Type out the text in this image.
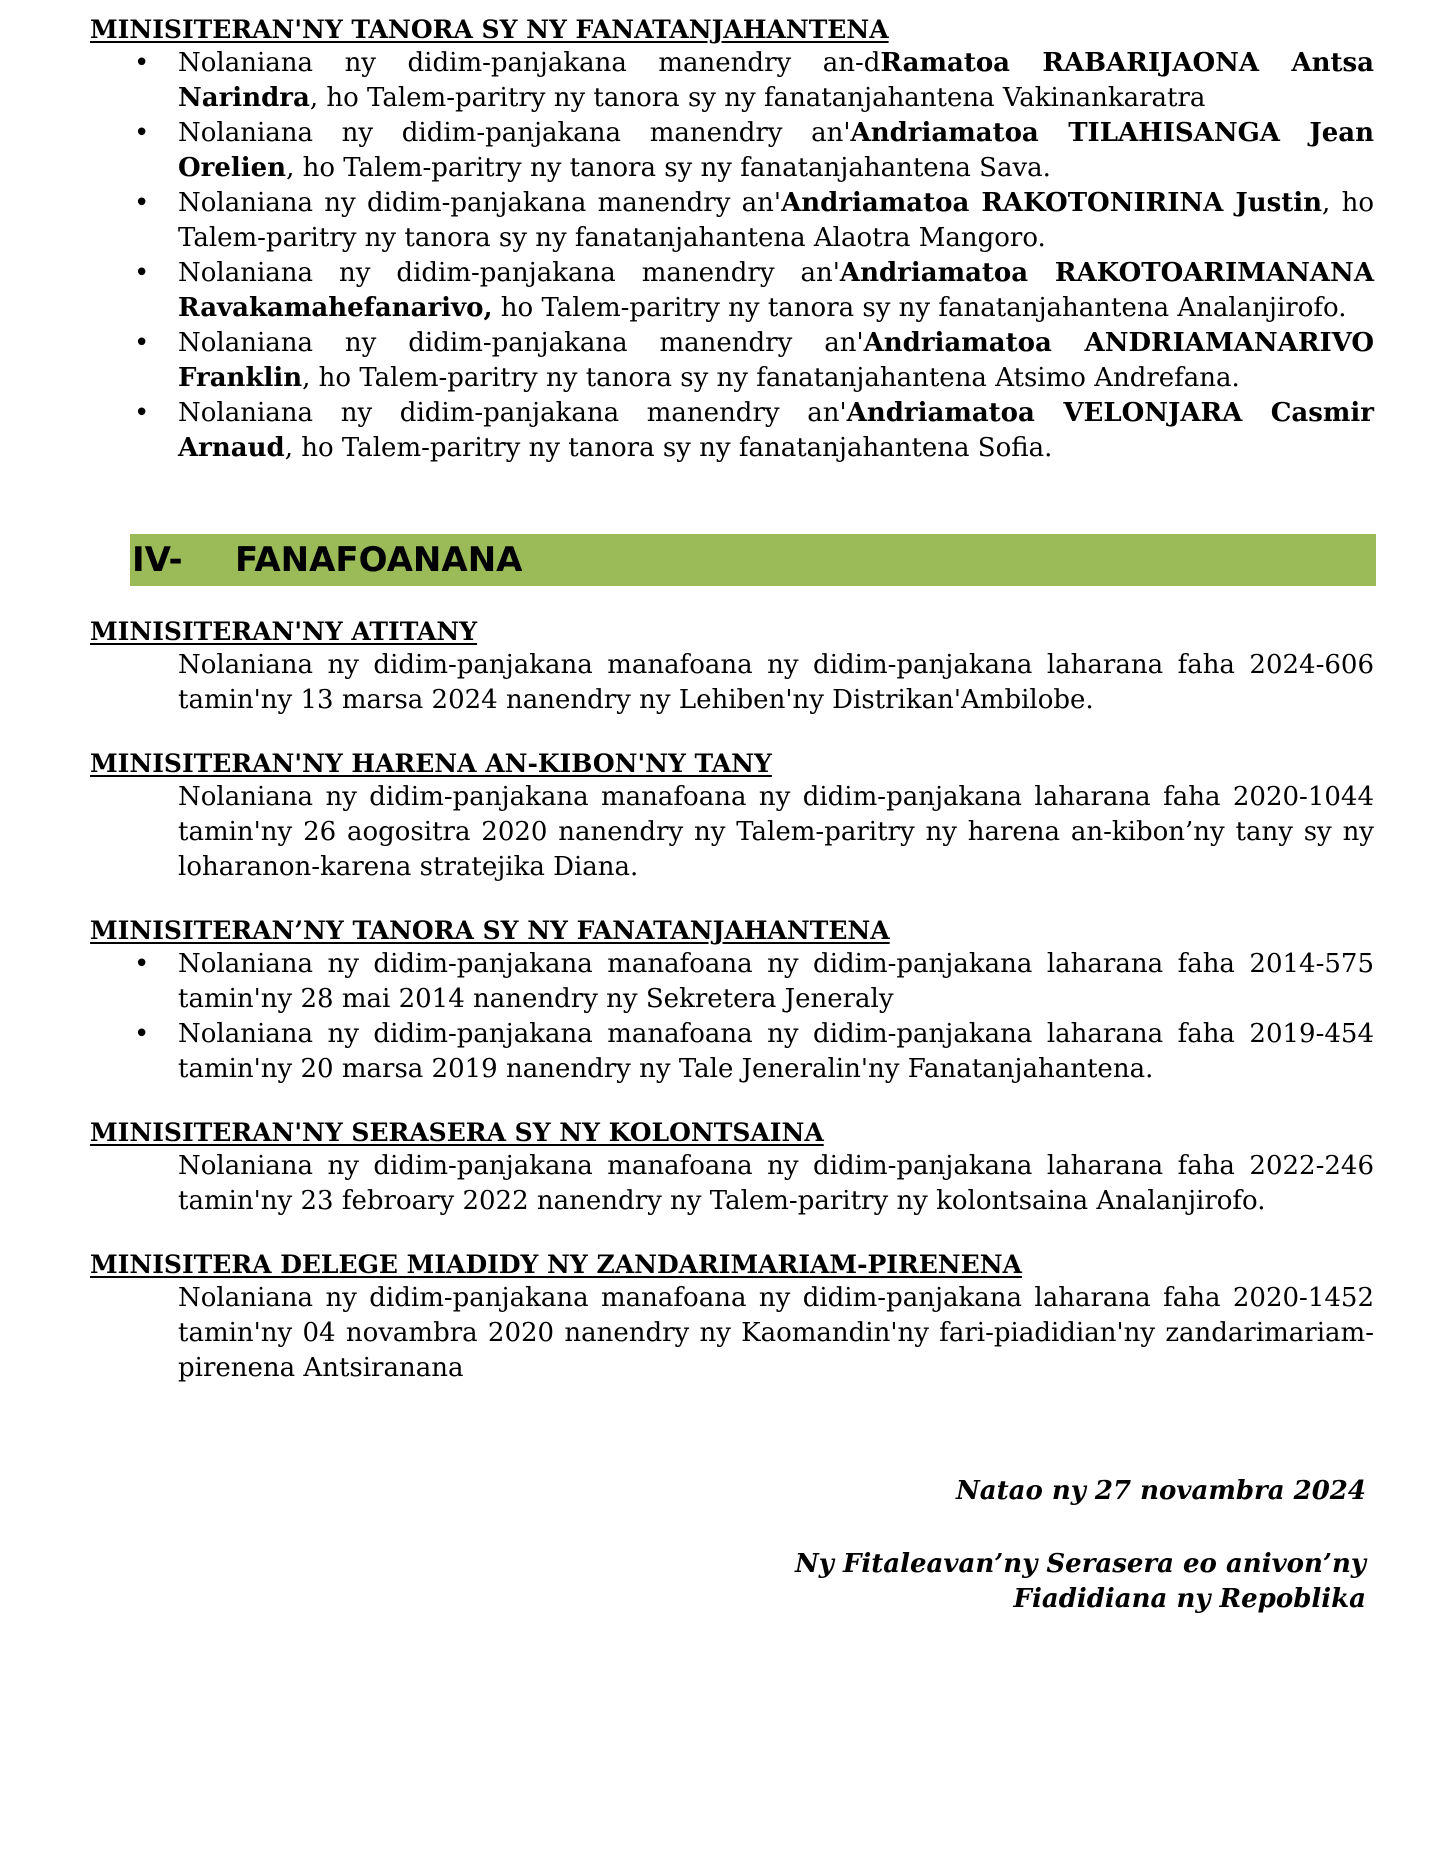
MINISITERAN'NY TANORA SY NY FANATANJAHANTENA

• Nolaniana ny didim-panjakana manendry an-dRamatoa RABARIJAONA Antsa Narindra, ho Talem-paritry ny tanora sy ny fanatanjahantena Vakinankaratra
• Nolaniana ny didim-panjakana manendry an'Andriamatoa TILAHISANGA Jean Orelien, ho Talem-paritry ny tanora sy ny fanatanjahantena Sava.
• Nolaniana ny didim-panjakana manendry an'Andriamatoa RAKOTONIRINA Justin, ho Talem-paritry ny tanora sy ny fanatanjahantena Alaotra Mangoro.
• Nolaniana ny didim-panjakana manendry an'Andriamatoa RAKOTOARIMANANA Ravakamahefanarivo, ho Talem-paritry ny tanora sy ny fanatanjahantena Analanjirofo.
• Nolaniana ny didim-panjakana manendry an'Andriamatoa ANDRIAMANARIVO Franklin, ho Talem-paritry ny tanora sy ny fanatanjahantena Atsimo Andrefana.
• Nolaniana ny didim-panjakana manendry an'Andriamatoa VELONJARA Casmir Arnaud, ho Talem-paritry ny tanora sy ny fanatanjahantena Sofia.
IV-	FANAFOANANA

MINISITERAN'NY ATITANY

Nolaniana ny didim-panjakana manafoana ny didim-panjakana laharana faha 2024-606 tamin'ny 13 marsa 2024 nanendry ny Lehiben'ny Distrikan'Ambilobe.

MINISITERAN'NY HARENA AN-KIBON'NY TANY

Nolaniana ny didim-panjakana manafoana ny didim-panjakana laharana faha 2020-1044 tamin'ny 26 aogositra 2020 nanendry ny Talem-paritry ny harena an-kibon’ny tany sy ny loharanon-karena stratejika Diana.

MINISITERAN’NY TANORA SY NY FANATANJAHANTENA

• Nolaniana ny didim-panjakana manafoana ny didim-panjakana laharana faha 2014-575 tamin'ny 28 mai 2014 nanendry ny Sekretera Jeneraly
• Nolaniana ny didim-panjakana manafoana ny didim-panjakana laharana faha 2019-454 tamin'ny 20 marsa 2019 nanendry ny Tale Jeneralin'ny Fanatanjahantena.

MINISITERAN'NY SERASERA SY NY KOLONTSAINA

Nolaniana ny didim-panjakana manafoana ny didim-panjakana laharana faha 2022-246 tamin'ny 23 febroary 2022 nanendry ny Talem-paritry ny kolontsaina Analanjirofo.

MINISITERA DELEGE MIADIDY NY ZANDARIMARIAM-PIRENENA

Nolaniana ny didim-panjakana manafoana ny didim-panjakana laharana faha 2020-1452 tamin'ny 04 novambra 2020 nanendry ny Kaomandin'ny fari-piadidian'ny zandarimariam-pirenena Antsiranana

Natao ny 27 novambra 2024

Ny Fitaleavan’ny Serasera eo anivon’ny

Fiadidiana ny Repoblika
